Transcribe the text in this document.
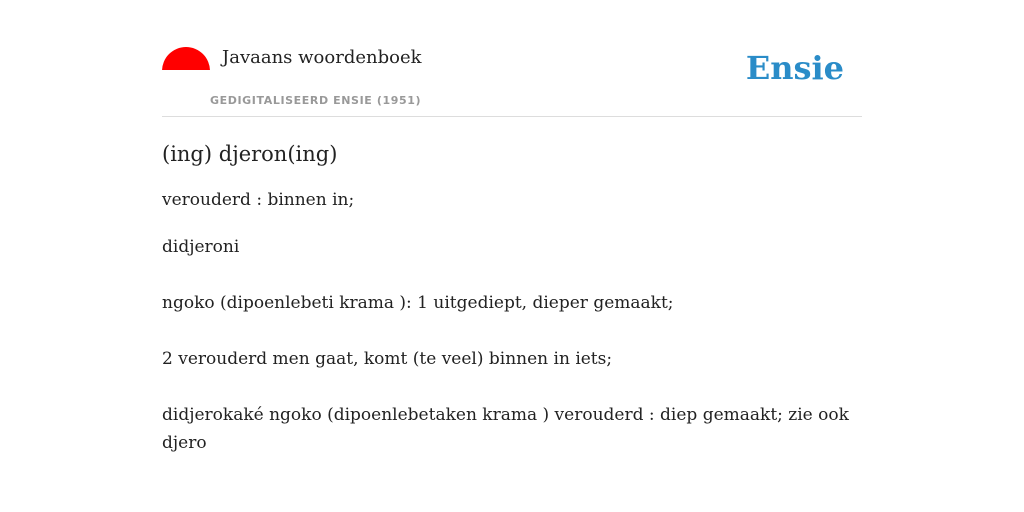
Javaans woordenboek
GEDIGITALISEERD ENSIE (1951)
Ensie
(ing) djeron(ing)
verouderd : binnen in;
didjeroni
ngoko (dipoenlebeti krama ): 1 uitgediept, dieper gemaakt;
2 verouderd men gaat, komt (te veel) binnen in iets;
didjerokaké ngoko (dipoenlebetaken krama ) verouderd : diep gemaakt; zie ook djero
